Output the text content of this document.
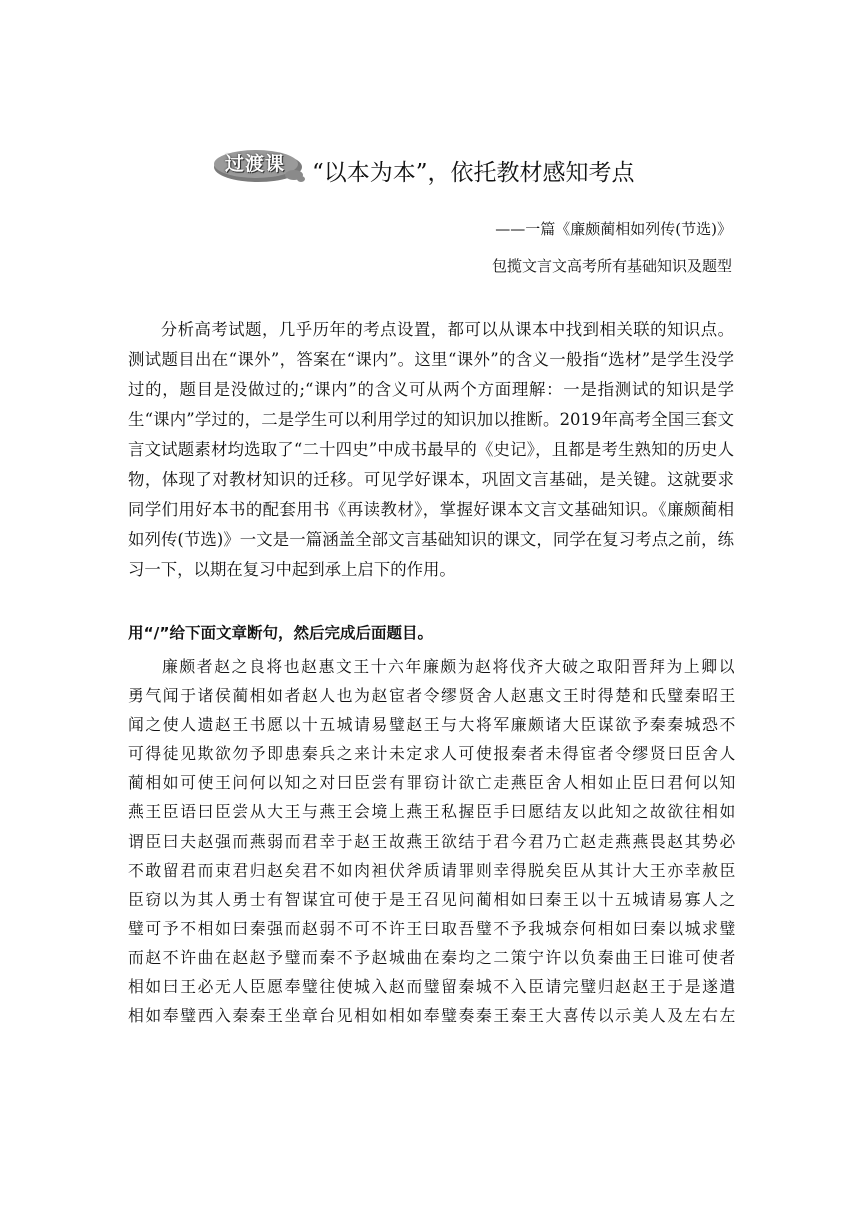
过渡课	“以本为本”，依托教材感知考点
——一篇《廉颇蔺相如列传(节选)》
包揽文言文高考所有基础知识及题型

分析高考试题，几乎历年的考点设置，都可以从课本中找到相关联的知识点。测试题目出在“课外”，答案在“课内”。这里“课外”的含义一般指“选材”是学生没学过的，题目是没做过的;“课内”的含义可从两个方面理解：一是指测试的知识是学生“课内”学过的，二是学生可以利用学过的知识加以推断。2019年高考全国三套文言文试题素材均选取了“二十四史”中成书最早的《史记》，且都是考生熟知的历史人物，体现了对教材知识的迁移。可见学好课本，巩固文言基础，是关键。这就要求同学们用好本书的配套用书《再读教材》，掌握好课本文言文基础知识。《廉颇蔺相如列传(节选)》一文是一篇涵盖全部文言基础知识的课文，同学在复习考点之前，练习一下，以期在复习中起到承上启下的作用。

用“/”给下面文章断句，然后完成后面题目。

廉颇者赵之良将也赵惠文王十六年廉颇为赵将伐齐大破之取阳晋拜为上卿以
勇气闻于诸侯蔺相如者赵人也为赵宦者令缪贤舍人赵惠文王时得楚和氏璧秦昭王
闻之使人遗赵王书愿以十五城请易璧赵王与大将军廉颇诸大臣谋欲予秦秦城恐不
可得徒见欺欲勿予即患秦兵之来计未定求人可使报秦者未得宦者令缪贤曰臣舍人
蔺相如可使王问何以知之对曰臣尝有罪窃计欲亡走燕臣舍人相如止臣曰君何以知
燕王臣语曰臣尝从大王与燕王会境上燕王私握臣手曰愿结友以此知之故欲往相如
谓臣曰夫赵强而燕弱而君幸于赵王故燕王欲结于君今君乃亡赵走燕燕畏赵其势必
不敢留君而束君归赵矣君不如肉袒伏斧质请罪则幸得脱矣臣从其计大王亦幸赦臣
臣窃以为其人勇士有智谋宜可使于是王召见问蔺相如曰秦王以十五城请易寡人之
璧可予不相如曰秦强而赵弱不可不许王曰取吾璧不予我城奈何相如曰秦以城求璧
而赵不许曲在赵赵予璧而秦不予赵城曲在秦均之二策宁许以负秦曲王曰谁可使者
相如曰王必无人臣愿奉璧往使城入赵而璧留秦城不入臣请完璧归赵赵王于是遂遣
相如奉璧西入秦秦王坐章台见相如相如奉璧奏秦王秦王大喜传以示美人及左右左
